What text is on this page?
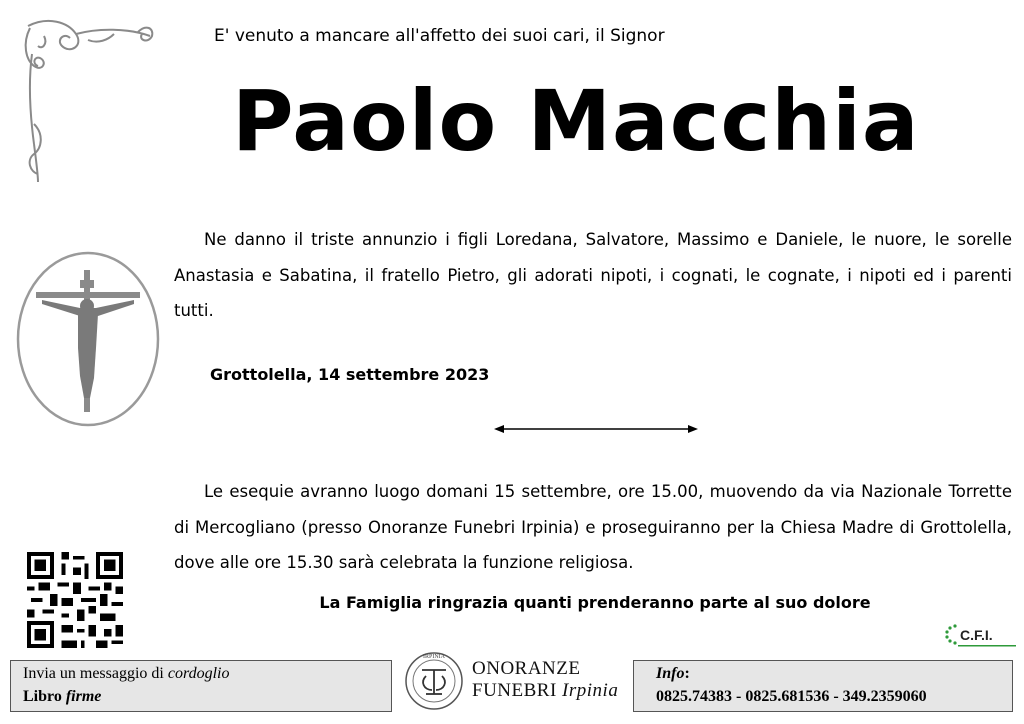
E' venuto a mancare all'affetto dei suoi cari, il Signor
Paolo Macchia
Ne danno il triste annunzio i figli Loredana, Salvatore, Massimo e Daniele, le nuore, le sorelle Anastasia e Sabatina, il fratello Pietro, gli adorati nipoti, i cognati, le cognate, i nipoti ed i parenti tutti.
Grottolella, 14 settembre 2023
Le esequie avranno luogo domani 15 settembre, ore 15.00, muovendo da via Nazionale Torrette di Mercogliano (presso Onoranze Funebri Irpinia) e proseguiranno per la Chiesa Madre di Grottolella, dove alle ore 15.30 sarà celebrata la funzione religiosa.
La Famiglia ringrazia quanti prenderanno parte al suo dolore
C.F.I.
Invia un messaggio di cordoglio
Libro firme
IRPINIA
ONORANZE
FUNEBRI Irpinia
Info:
0825.74383 - 0825.681536 - 349.2359060
